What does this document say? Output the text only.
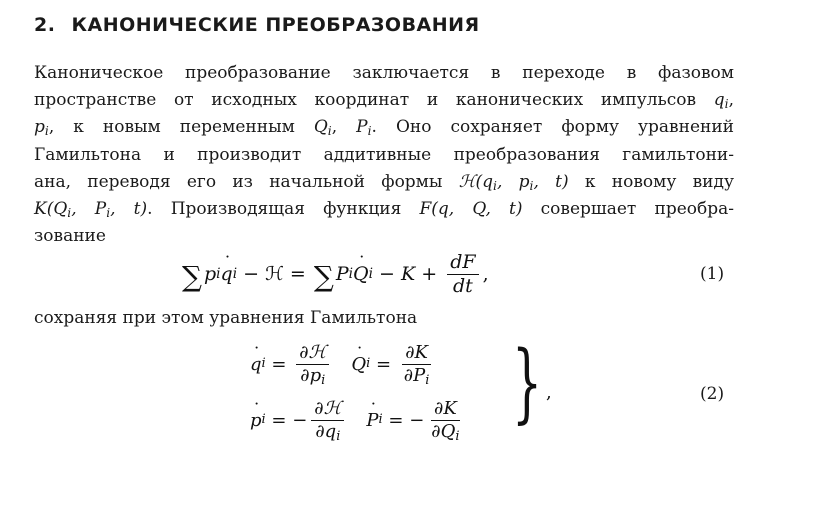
2. КАНОНИЧЕСКИЕ ПРЕОБРАЗОВАНИЯ
Каноническое преобразование заключается в переходе в фазовом
пространстве от исходных координат и канонических импульсов $q_i$,
$p_i$, к новым переменным $Q_i$, $P_i$. Оно сохраняет форму уравнений
Гамильтона и производит аддитивные преобразования гамильтони-
ана, переводя его из начальной формы $ℋ(q_i$, $p_i$, t) к новому виду
$K(Q_i$, $P_i$, t). Производящая функция F(q, Q, t) совершает преобра-
зование
∑ p i q ˙ i − ℋ = ∑ P i Q ˙ $i - K + \frac{dF}{dt}$ ,	(1)
сохраняя при этом уравнения Гамильтона
q ˙ $i = \frac{\text{∂ℋ}}{\partial p_i}$ Q ˙ $i = \frac{\partial K}{\partial P_i}$
p ˙ i = − $\frac{\text{∂ℋ}}{\partial q_i}$ P ˙ i = − $\frac{\partial K}{\partial Q_i}$ } ,	(2)
